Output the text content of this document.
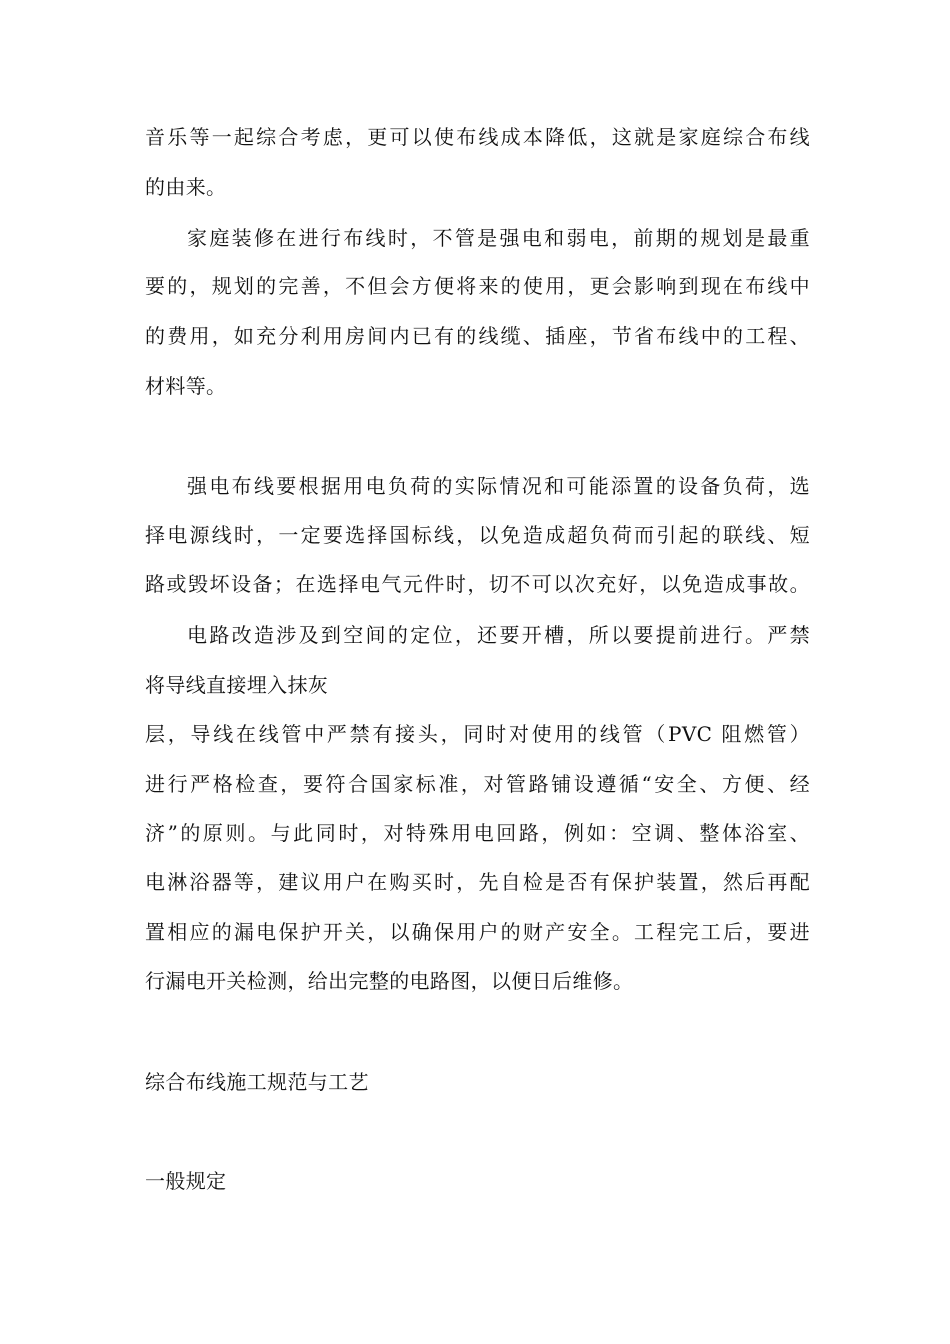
音乐等一起综合考虑，更可以使布线成本降低，这就是家庭综合布线
的由来。
家庭装修在进行布线时，不管是强电和弱电，前期的规划是最重
要的，规划的完善，不但会方便将来的使用，更会影响到现在布线中
的费用，如充分利用房间内已有的线缆、插座，节省布线中的工程、
材料等。
强电布线要根据用电负荷的实际情况和可能添置的设备负荷，选
择电源线时，一定要选择国标线，以免造成超负荷而引起的联线、短
路或毁坏设备；在选择电气元件时，切不可以次充好，以免造成事故。
电路改造涉及到空间的定位，还要开槽，所以要提前进行。严禁
将导线直接埋入抹灰
层，导线在线管中严禁有接头，同时对使用的线管（PVC 阻燃管）
进行严格检查，要符合国家标准，对管路铺设遵循“安全、方便、经
济”的原则。与此同时，对特殊用电回路，例如：空调、整体浴室、
电淋浴器等，建议用户在购买时，先自检是否有保护装置，然后再配
置相应的漏电保护开关，以确保用户的财产安全。工程完工后，要进
行漏电开关检测，给出完整的电路图，以便日后维修。
综合布线施工规范与工艺
一般规定
